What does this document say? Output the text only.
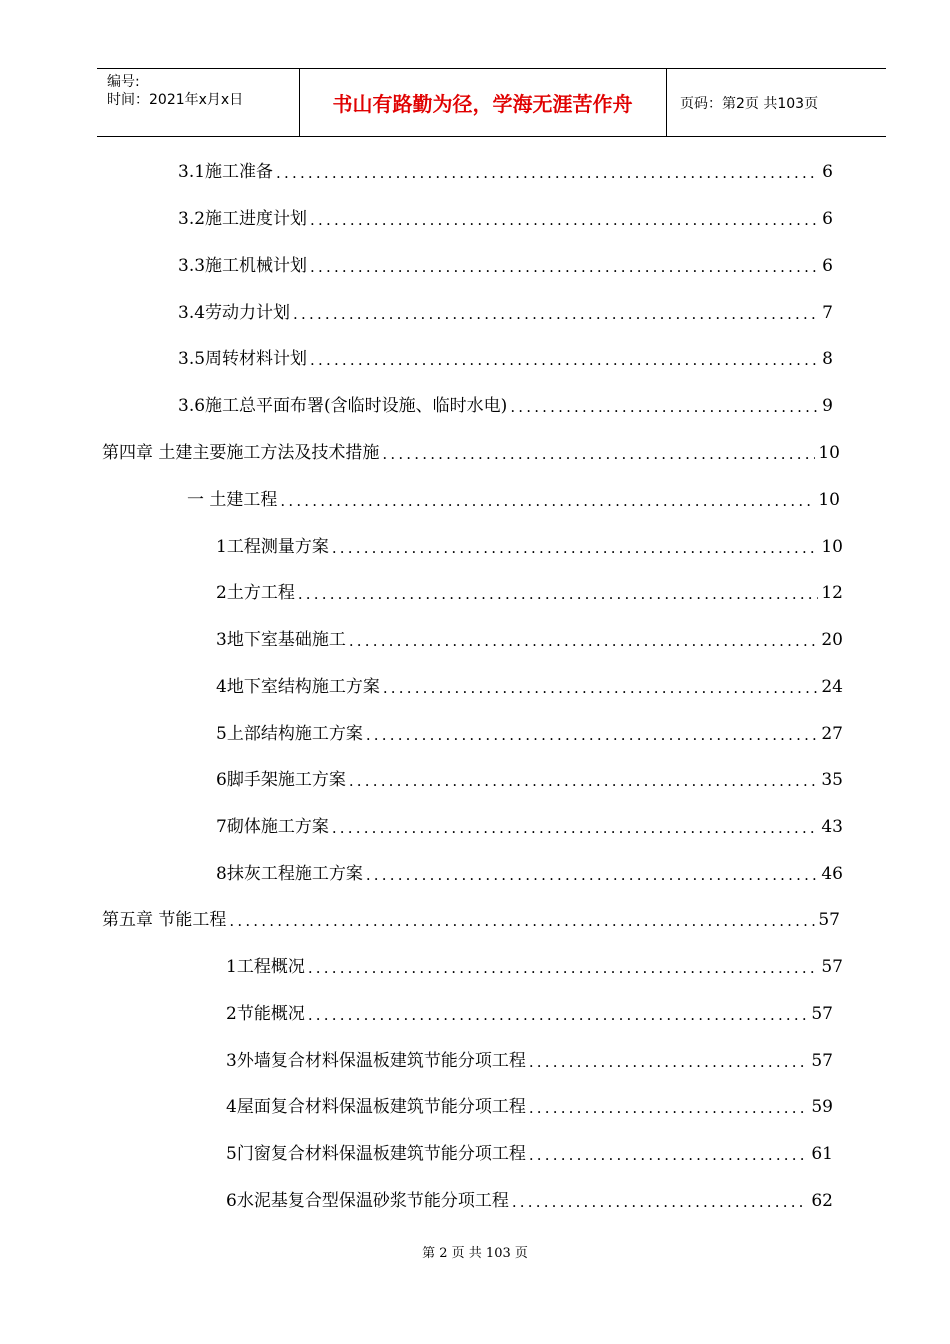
编号:
时间：2021年x月x日	书山有路勤为径，学海无涯苦作舟	页码：第2页 共103页
3.1施工准备 .....	6
3.2施工进度计划 .....	6
3.3施工机械计划 .....	6
3.4劳动力计划 .....	7
3.5周转材料计划 .....	8
3.6施工总平面布署(含临时设施、临时水电) .....	9
第四章 土建主要施工方法及技术措施 .....	10
一 土建工程 .....	10
1工程测量方案 .....	10
2土方工程 .....	12
3地下室基础施工 .....	20
4地下室结构施工方案 .....	24
5上部结构施工方案 .....	27
6脚手架施工方案 .....	35
7砌体施工方案 .....	43
8抹灰工程施工方案 .....	46
第五章 节能工程 .....	57
1工程概况 .....	57
2节能概况 .....	57
3外墙复合材料保温板建筑节能分项工程 .....	57
4屋面复合材料保温板建筑节能分项工程 .....	59
5门窗复合材料保温板建筑节能分项工程 .....	61
6水泥基复合型保温砂浆节能分项工程 .....	62
第 2 页 共 103 页
